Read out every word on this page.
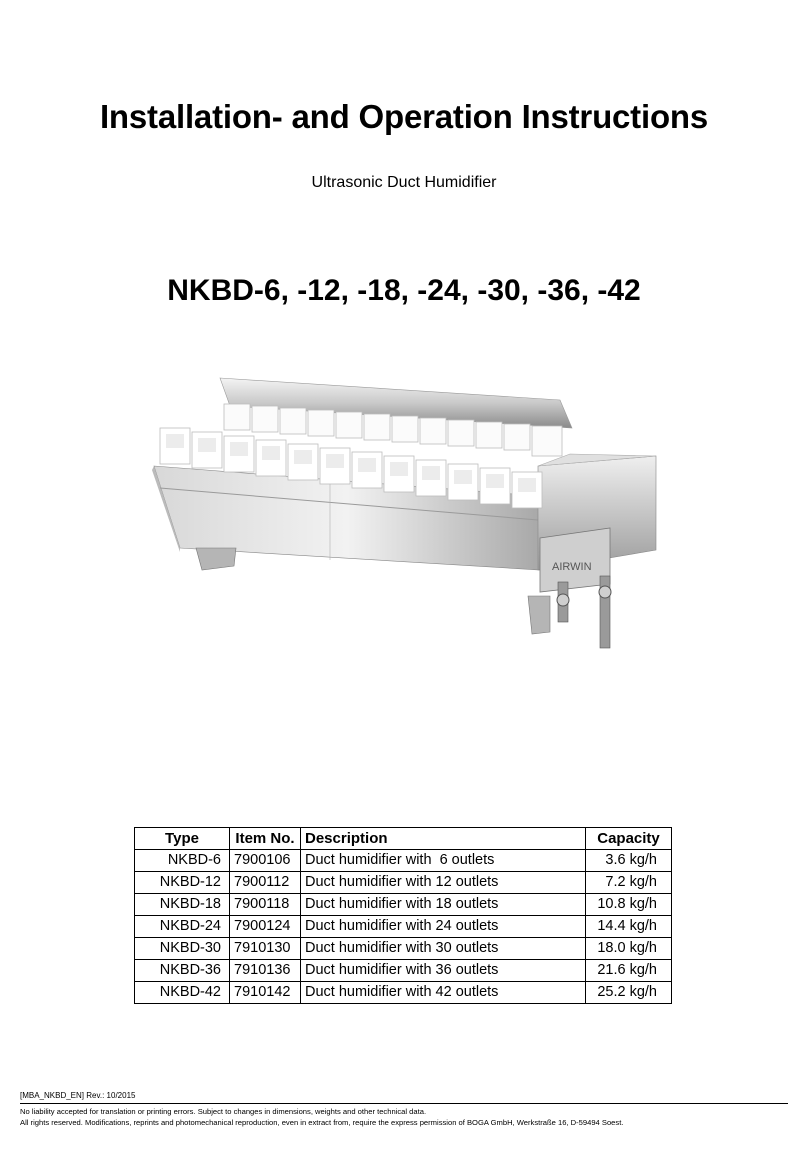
Installation- and Operation Instructions
Ultrasonic Duct Humidifier
NKBD-6, -12, -18, -24, -30, -36, -42
AIRWIN
Type	Item No.	Description	Capacity
NKBD-6	7900106	Duct humidifier with  6 outlets	3.6 kg/h
NKBD-12	7900112	Duct humidifier with 12 outlets	7.2 kg/h
NKBD-18	7900118	Duct humidifier with 18 outlets	10.8 kg/h
NKBD-24	7900124	Duct humidifier with 24 outlets	14.4 kg/h
NKBD-30	7910130	Duct humidifier with 30 outlets	18.0 kg/h
NKBD-36	7910136	Duct humidifier with 36 outlets	21.6 kg/h
NKBD-42	7910142	Duct humidifier with 42 outlets	25.2 kg/h
[MBA_NKBD_EN] Rev.: 10/2015
No liability accepted for translation or printing errors. Subject to changes in dimensions, weights and other technical data.
All rights reserved. Modifications, reprints and photomechanical reproduction, even in extract from, require the express permission of BOGA GmbH, Werkstraße 16, D-59494 Soest.
